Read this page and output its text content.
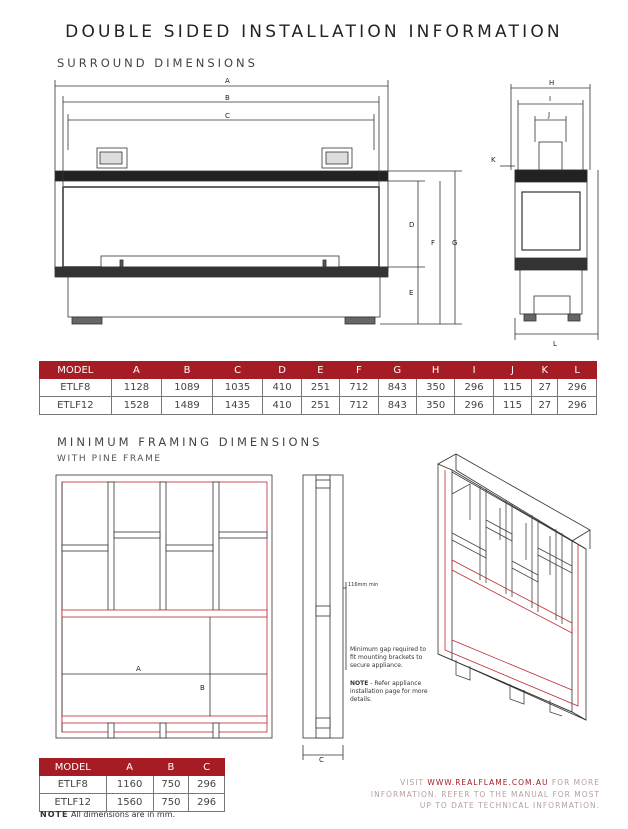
DOUBLE SIDED INSTALLATION INFORMATION
SURROUND DIMENSIONS
A
B
C
D
E
F G
H
I
J
K
L
MODEL	A	B	C	D	E	F	G	H	I	J	K	L
ETLF8	1128	1089	1035	410	251	712	843	350	296	115	27	296
ETLF12	1528	1489	1435	410	251	712	843	350	296	115	27	296
MINIMUM FRAMING DIMENSIONS
WITH PINE FRAME
A
B
C
116mm min
Minimum gap required to fit mounting brackets to secure appliance.
NOTE - Refer appliance installation page for more details.
MODEL	A	B	C
ETLF8	1160	750	296
ETLF12	1560	750	296
NOTE All dimensions are in mm.
VISIT WWW.REALFLAME.COM.AU FOR MORE INFORMATION. REFER TO THE MANUAL FOR MOST UP TO DATE TECHNICAL INFORMATION.
